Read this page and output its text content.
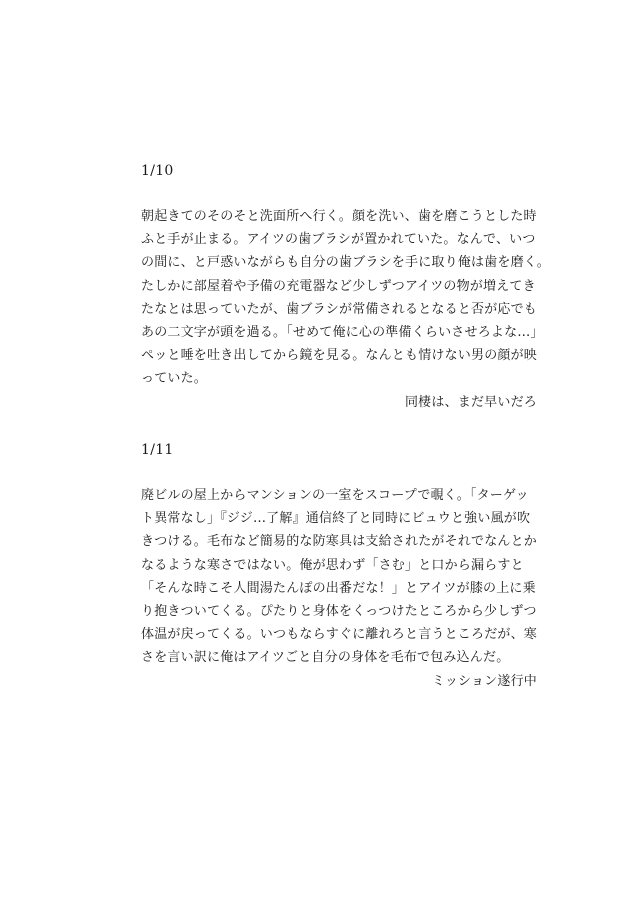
1/10
朝起きてのそのそと洗面所へ行く。顔を洗い、歯を磨こうとした時
ふと手が止まる。アイツの歯ブラシが置かれていた。なんで、いつ
の間に、と戸惑いながらも自分の歯ブラシを手に取り俺は歯を磨く。
たしかに部屋着や予備の充電器など少しずつアイツの物が増えてき
たなとは思っていたが、歯ブラシが常備されるとなると否が応でも
あの二文字が頭を過る。「せめて俺に心の準備くらいさせろよな…」
ペッと唾を吐き出してから鏡を見る。なんとも情けない男の顔が映
っていた。
同棲は、まだ早いだろ
1/11
廃ビルの屋上からマンションの一室をスコープで覗く。「ターゲッ
ト異常なし」『ジジ…了解』通信終了と同時にビュウと強い風が吹
きつける。毛布など簡易的な防寒具は支給されたがそれでなんとか
なるような寒さではない。俺が思わず「さむ」と口から漏らすと
「そんな時こそ人間湯たんぽの出番だな！」とアイツが膝の上に乗
り抱きついてくる。ぴたりと身体をくっつけたところから少しずつ
体温が戻ってくる。いつもならすぐに離れろと言うところだが、寒
さを言い訳に俺はアイツごと自分の身体を毛布で包み込んだ。
ミッション遂行中
